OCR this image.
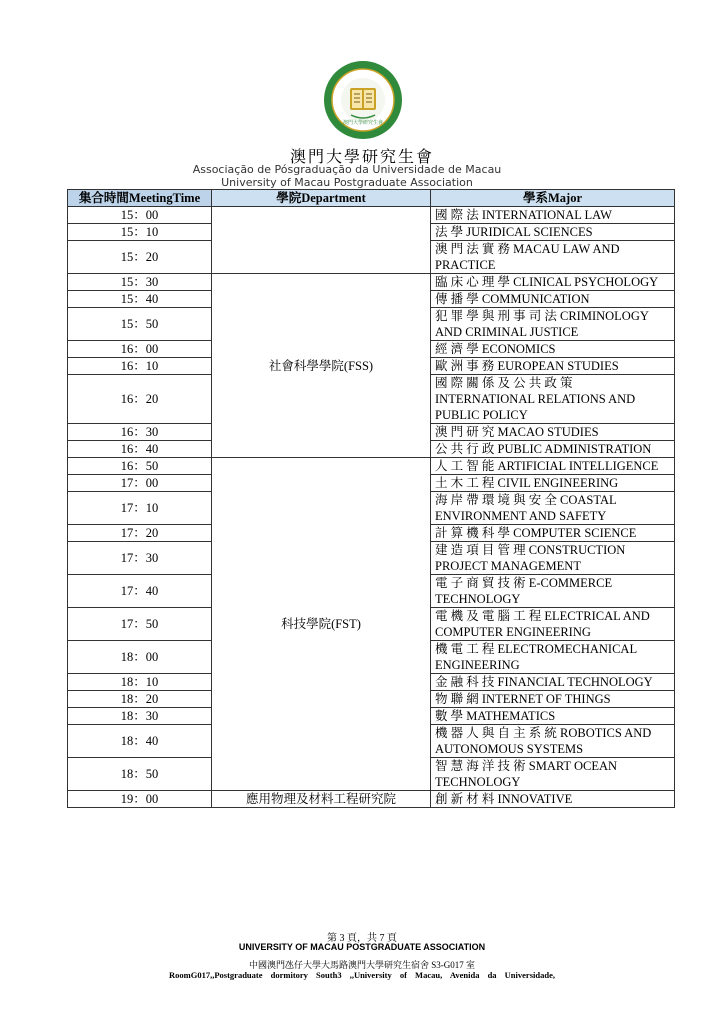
澳門大學研究生會
澳門大學研究生會
Associação de Pósgraduação da Universidade de Macau
University of Macau Postgraduate Association
集合時間MeetingTime	學院Department	學系Major
15：00		國 際 法 INTERNATIONAL LAW
15：10		法 學 JURIDICAL SCIENCES
15：20		澳 門 法 實 務 MACAU LAW AND PRACTICE
15：30	社會科學學院(FSS)	臨 床 心 理 學 CLINICAL PSYCHOLOGY
15：40		傳 播 學 COMMUNICATION
15：50		犯 罪 學 與 刑 事 司 法 CRIMINOLOGY AND CRIMINAL JUSTICE
16：00		經 濟 學 ECONOMICS
16：10		歐 洲 事 務 EUROPEAN STUDIES
16：20		國 際 關 係 及 公 共 政 策 INTERNATIONAL RELATIONS AND PUBLIC POLICY
16：30		澳 門 研 究 MACAO STUDIES
16：40		公 共 行 政 PUBLIC ADMINISTRATION
16：50	科技學院(FST)	人 工 智 能 ARTIFICIAL INTELLIGENCE
17：00		土 木 工 程 CIVIL ENGINEERING
17：10		海 岸 帶 環 境 與 安 全 COASTAL ENVIRONMENT AND SAFETY
17：20		計 算 機 科 學 COMPUTER SCIENCE
17：30		建 造 項 目 管 理 CONSTRUCTION PROJECT MANAGEMENT
17：40		電 子 商 貿 技 術 E-COMMERCE TECHNOLOGY
17：50		電 機 及 電 腦 工 程 ELECTRICAL AND COMPUTER ENGINEERING
18：00		機 電 工 程 ELECTROMECHANICAL ENGINEERING
18：10		金 融 科 技 FINANCIAL TECHNOLOGY
18：20		物 聯 網 INTERNET OF THINGS
18：30		數 學 MATHEMATICS
18：40		機 器 人 與 自 主 系 統 ROBOTICS AND AUTONOMOUS SYSTEMS
18：50		智 慧 海 洋 技 術 SMART OCEAN TECHNOLOGY
19：00	應用物理及材料工程研究院	創 新 材 料 INNOVATIVE
第 3 頁，共 7 頁
UNIVERSITY OF MACAU POSTGRADUATE ASSOCIATION
中國澳門氹仔大學大馬路澳門大學研究生宿舍 S3-G017 室
RoomG017,,Postgraduate dormitory South3 ,,University of Macau, Avenida da Universidade,
